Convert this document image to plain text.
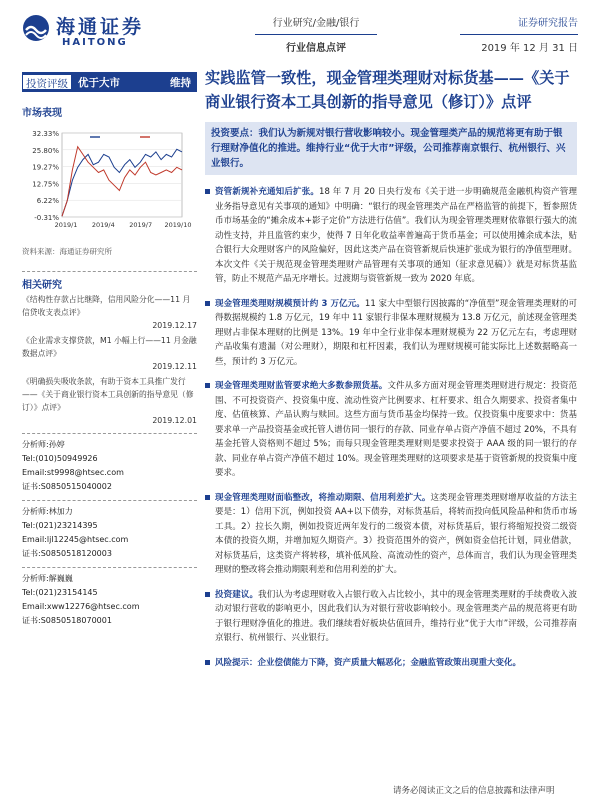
海通证券
HAITONG
行业研究/金融/银行
行业信息点评
证券研究报告
2019 年 12 月 31 日
投资评级 优于大市	维持
市场表现
32.33%
25.80%
19.27%
12.75%
6.22%
-0.31%
2019/1 2019/4 2019/7 2019/10
资料来源：海通证券研究所
相关研究
《结构性存款占比继降，信用风险分化——11 月信贷收支表点评》
2019.12.17
《企业需求支撑贷款，M1 小幅上行——11 月金融数据点评》
2019.12.11
《明确损失吸收条款，有助于资本工具推广发行——《关于商业银行资本工具创新的指导意见（修订）》点评》
2019.12.01
分析师:孙婷
Tel:(010)50949926
Email:st9998@htsec.com
证书:S0850515040002
分析师:林加力
Tel:(021)23214395
Email:ljl12245@htsec.com
证书:S0850518120003
分析师:解巍巍
Tel:(021)23154145
Email:xww12276@htsec.com
证书:S0850518070001
实践监管一致性，现金管理类理财对标货基——《关于商业银行资本工具创新的指导意见（修订）》点评
投资要点：我们认为新规对银行营收影响较小。现金管理类产品的规范将更有助于银行理财净值化的推进。维持行业“优于大市”评级，公司推荐南京银行、杭州银行、兴业银行。
资管新规补充通知后扩张。18 年 7 月 20 日央行发布《关于进一步明确规范金融机构资产管理业务指导意见有关事项的通知》中明确：“银行的现金管理类产品在严格监管的前提下，暂参照货币市场基金的“摊余成本+影子定价”方法进行估值”。我们认为现金管理类理财依靠银行强大的流动性支持，并且监管约束少，使得 7 日年化收益率普遍高于货币基金；可以使用摊余成本法，贴合银行大众理财客户的风险偏好，因此这类产品在资管新规后快速扩张成为银行的净值型理财。本次文件《关于规范现金管理类理财产品管理有关事项的通知（征求意见稿）》就是对标货基监管，防止不规范产品无序增长。过渡期与资管新规一致为 2020 年底。
现金管理类理财规模预计约 3 万亿元。11 家大中型银行因披露的“净值型”现金管理类理财的可得数据规模约 1.8 万亿元，19 年中 11 家银行非保本理财规模为 13.8 万亿元，前述现金管理类理财占非保本理财的比例是 13%。19 年中全行业非保本理财规模为 22 万亿元左右，考虑理财产品收集有遗漏（对公理财），期限和杠杆因素，我们认为理财规模可能实际比上述数据略高一些，预计约 3 万亿元。
现金管理类理财监管要求绝大多数参照货基。文件从多方面对现金管理类理财进行规定：投资范围、不可投资资产、投资集中度、流动性资产比例要求、杠杆要求、组合久期要求、投资者集中度、估值核算、产品认购与赎回。这些方面与货币基金均保持一致。仅投资集中度要求中：货基要求单一产品投资基金或托管人谱仿同一银行的存款、同业存单占资产净值不超过 20%，不具有基金托管人资格则不超过 5%；而每只现金管理类理财则是要求投资于 AAA 级的同一银行的存款、同业存单占资产净值不超过 10%。现金管理类理财的这项要求是基于资管新规的投资集中度要求。
现金管理类理财面临整改，将推动期限、信用利差扩大。这类现金管理类理财增厚收益的方法主要是：1）信用下沉，例如投资 AA+以下债券，对标货基后，将转而投向低风险品种和货币市场工具。2）拉长久期，例如投资近两年发行的二级资本债，对标货基后，银行将缩短投资二级资本债的投资久期，并增加短久期资产。3）投资范围外的资产，例如资金信托计划，同业借款，对标货基后，这类资产将转移，填补低风险、高流动性的资产，总体而言，我们认为现金管理类理财的整改将会推动期限利差和信用利差的扩大。
投资建议。我们认为考虑理财收入占银行收入占比较小，其中的现金管理类理财的手续费收入波动对银行营收的影响更小，因此我们认为对银行营收影响较小。现金管理类产品的规范将更有助于银行理财净值化的推进。我们继续看好板块估值回升，维持行业“优于大市”评级，公司推荐南京银行、杭州银行、兴业银行。
风险提示：企业偿债能力下降，资产质量大幅恶化；金融监管政策出现重大变化。
请务必阅读正文之后的信息披露和法律声明
